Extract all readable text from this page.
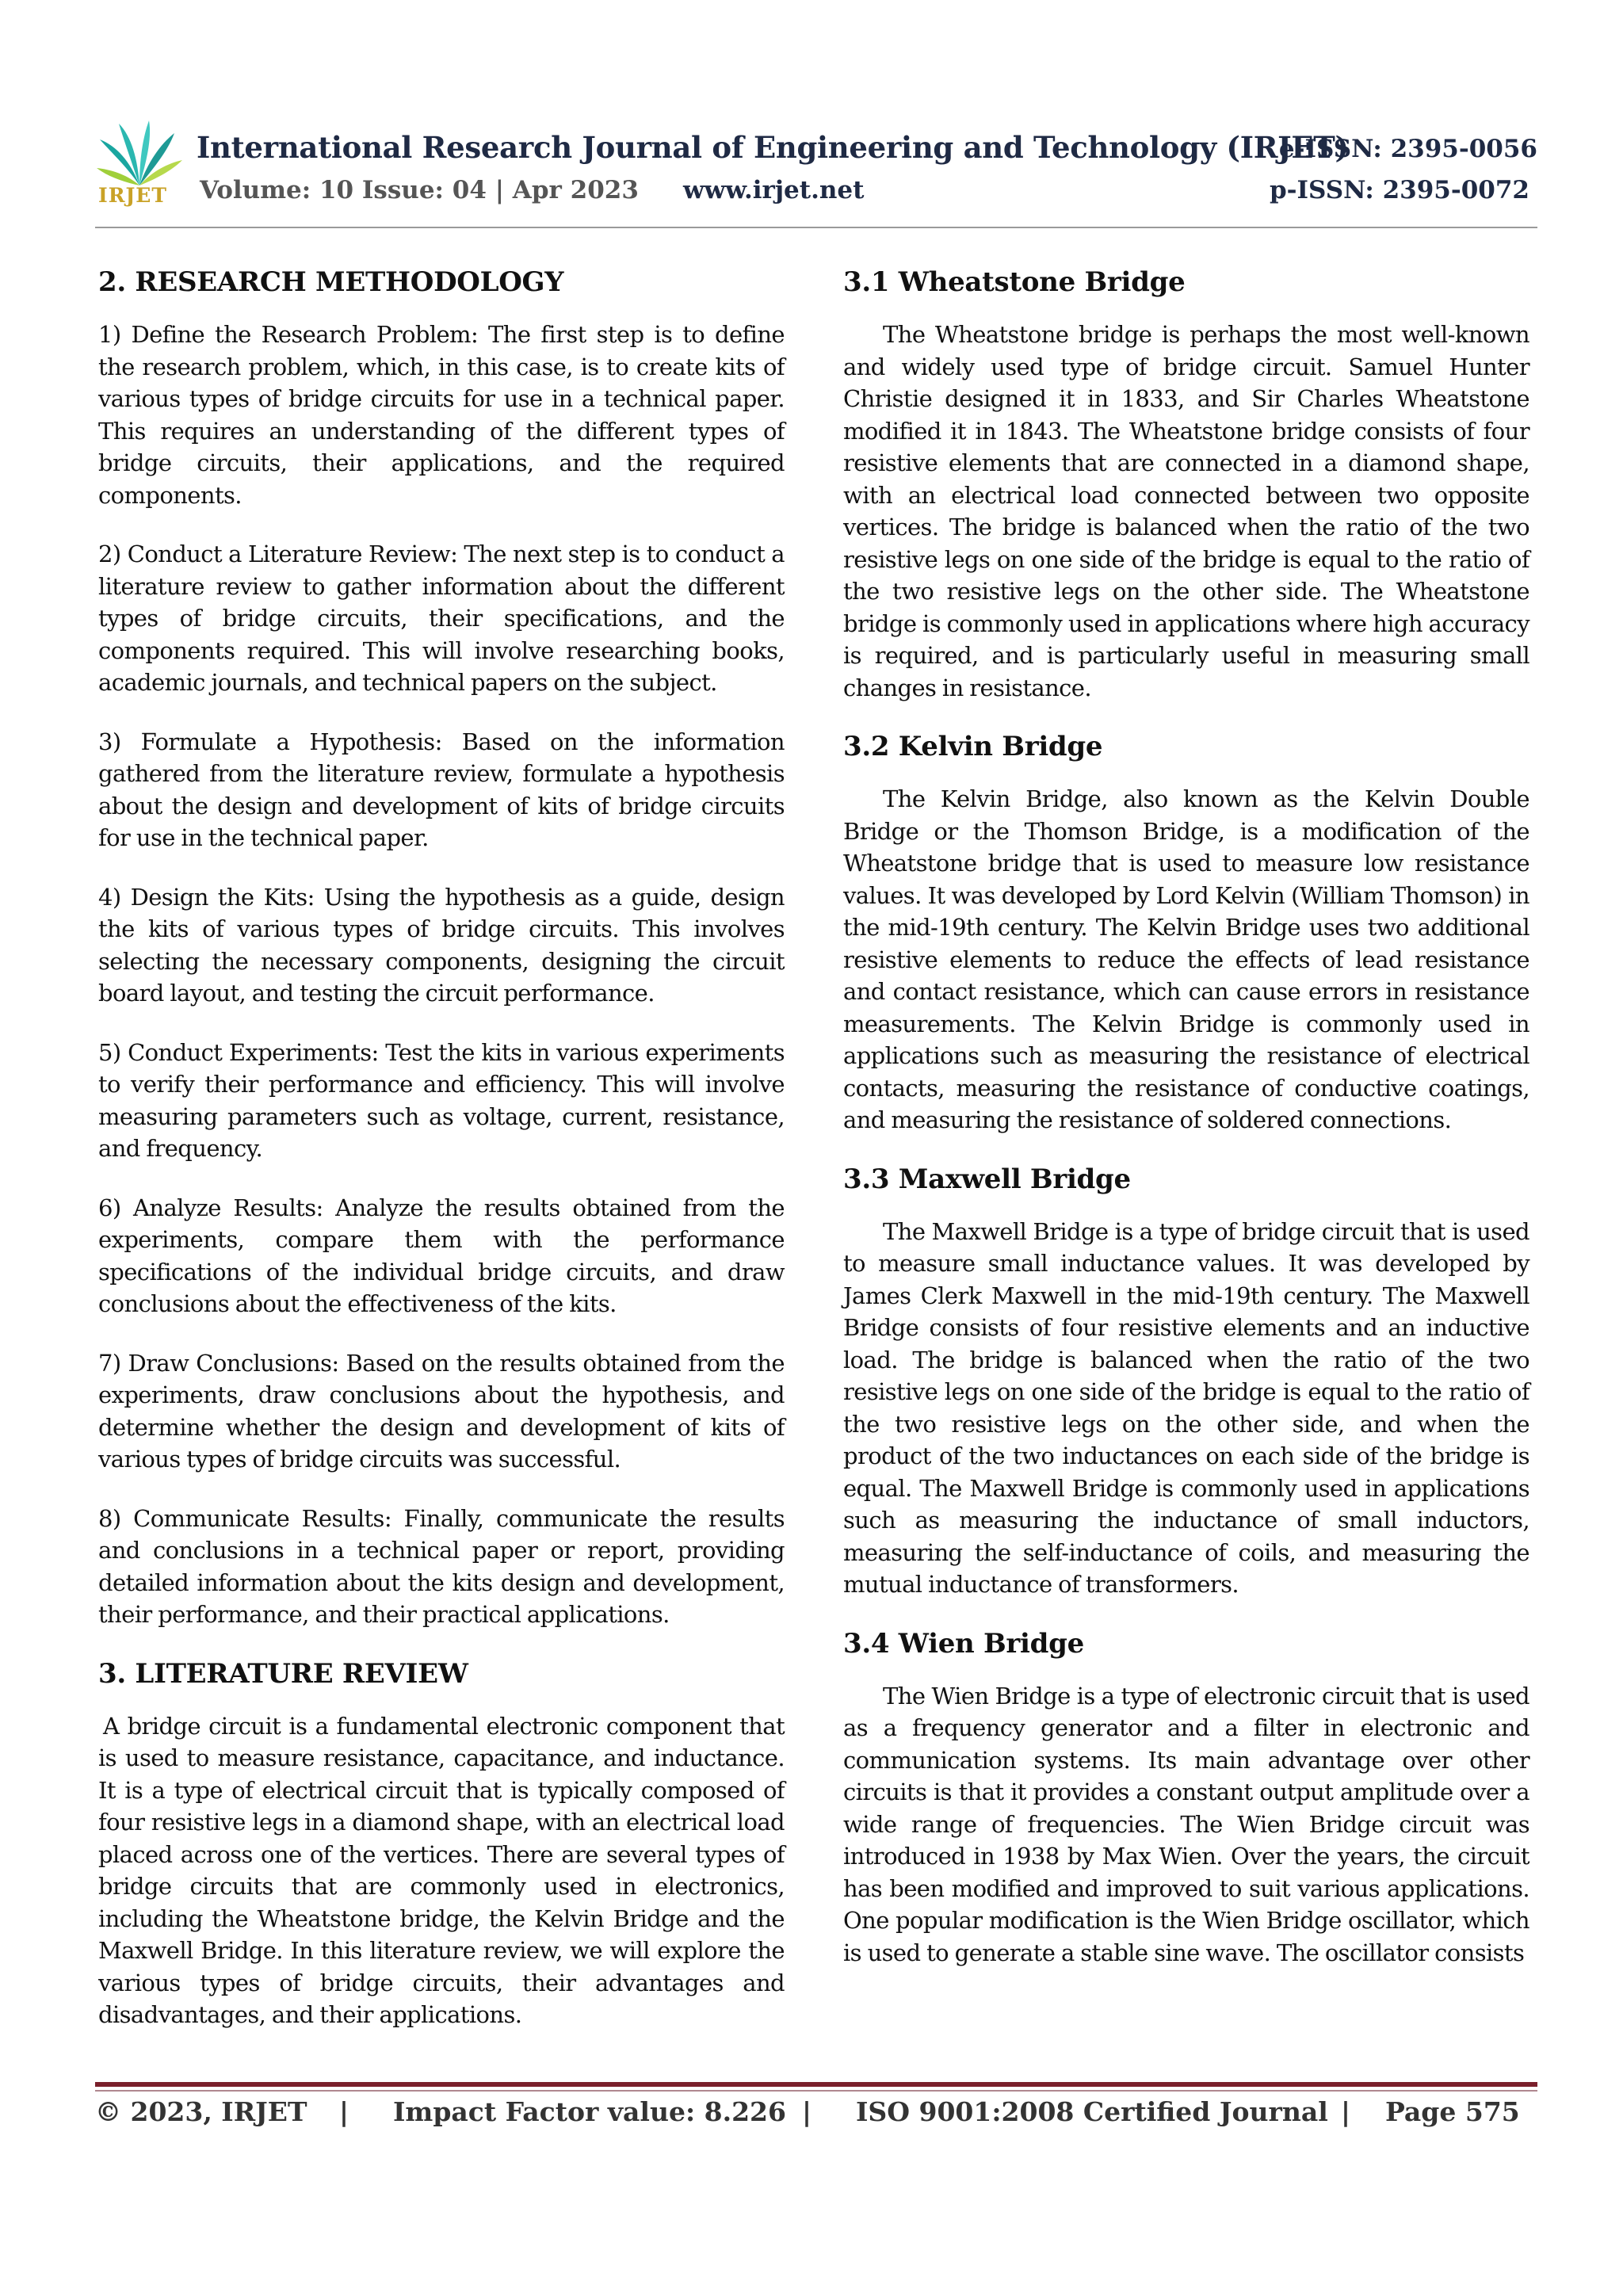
IRJET
International Research Journal of Engineering and Technology (IRJET)
e-ISSN: 2395-0056
Volume: 10 Issue: 04 | Apr 2023 www.irjet.net	p-ISSN: 2395-0072
2. RESEARCH METHODOLOGY

1) Define the Research Problem: The first step is to define the research problem, which, in this case, is to create kits of various types of bridge circuits for use in a technical paper. This requires an understanding of the different types of bridge circuits, their applications, and the required components.

2) Conduct a Literature Review: The next step is to conduct a literature review to gather information about the different types of bridge circuits, their specifications, and the components required. This will involve researching books, academic journals, and technical papers on the subject.

3) Formulate a Hypothesis: Based on the information gathered from the literature review, formulate a hypothesis about the design and development of kits of bridge circuits for use in the technical paper.

4) Design the Kits: Using the hypothesis as a guide, design the kits of various types of bridge circuits. This involves selecting the necessary components, designing the circuit board layout, and testing the circuit performance.

5) Conduct Experiments: Test the kits in various experiments to verify their performance and efficiency. This will involve measuring parameters such as voltage, current, resistance, and frequency.

6) Analyze Results: Analyze the results obtained from the experiments, compare them with the performance specifications of the individual bridge circuits, and draw conclusions about the effectiveness of the kits.

7) Draw Conclusions: Based on the results obtained from the experiments, draw conclusions about the hypothesis, and determine whether the design and development of kits of various types of bridge circuits was successful.

8) Communicate Results: Finally, communicate the results and conclusions in a technical paper or report, providing detailed information about the kits design and development, their performance, and their practical applications.

3. LITERATURE REVIEW

A bridge circuit is a fundamental electronic component that is used to measure resistance, capacitance, and inductance. It is a type of electrical circuit that is typically composed of four resistive legs in a diamond shape, with an electrical load placed across one of the vertices. There are several types of bridge circuits that are commonly used in electronics, including the Wheatstone bridge, the Kelvin Bridge and the Maxwell Bridge. In this literature review, we will explore the various types of bridge circuits, their advantages and disadvantages, and their applications.

3.1 Wheatstone Bridge

The Wheatstone bridge is perhaps the most well-known and widely used type of bridge circuit. Samuel Hunter Christie designed it in 1833, and Sir Charles Wheatstone modified it in 1843. The Wheatstone bridge consists of four resistive elements that are connected in a diamond shape, with an electrical load connected between two opposite vertices. The bridge is balanced when the ratio of the two resistive legs on one side of the bridge is equal to the ratio of the two resistive legs on the other side. The Wheatstone bridge is commonly used in applications where high accuracy is required, and is particularly useful in measuring small changes in resistance.

3.2 Kelvin Bridge

The Kelvin Bridge, also known as the Kelvin Double Bridge or the Thomson Bridge, is a modification of the Wheatstone bridge that is used to measure low resistance values. It was developed by Lord Kelvin (William Thomson) in the mid-19th century. The Kelvin Bridge uses two additional resistive elements to reduce the effects of lead resistance and contact resistance, which can cause errors in resistance measurements. The Kelvin Bridge is commonly used in applications such as measuring the resistance of electrical contacts, measuring the resistance of conductive coatings, and measuring the resistance of soldered connections.

3.3 Maxwell Bridge

The Maxwell Bridge is a type of bridge circuit that is used to measure small inductance values. It was developed by James Clerk Maxwell in the mid-19th century. The Maxwell Bridge consists of four resistive elements and an inductive load. The bridge is balanced when the ratio of the two resistive legs on one side of the bridge is equal to the ratio of the two resistive legs on the other side, and when the product of the two inductances on each side of the bridge is equal. The Maxwell Bridge is commonly used in applications such as measuring the inductance of small inductors, measuring the self-inductance of coils, and measuring the mutual inductance of transformers.

3.4 Wien Bridge

The Wien Bridge is a type of electronic circuit that is used as a frequency generator and a filter in electronic and communication systems. Its main advantage over other circuits is that it provides a constant output amplitude over a wide range of frequencies. The Wien Bridge circuit was introduced in 1938 by Max Wien. Over the years, the circuit has been modified and improved to suit various applications. One popular modification is the Wien Bridge oscillator, which is used to generate a stable sine wave. The oscillator consists

© 2023, IRJET | Impact Factor value: 8.226 | ISO 9001:2008 Certified Journal | Page 575
